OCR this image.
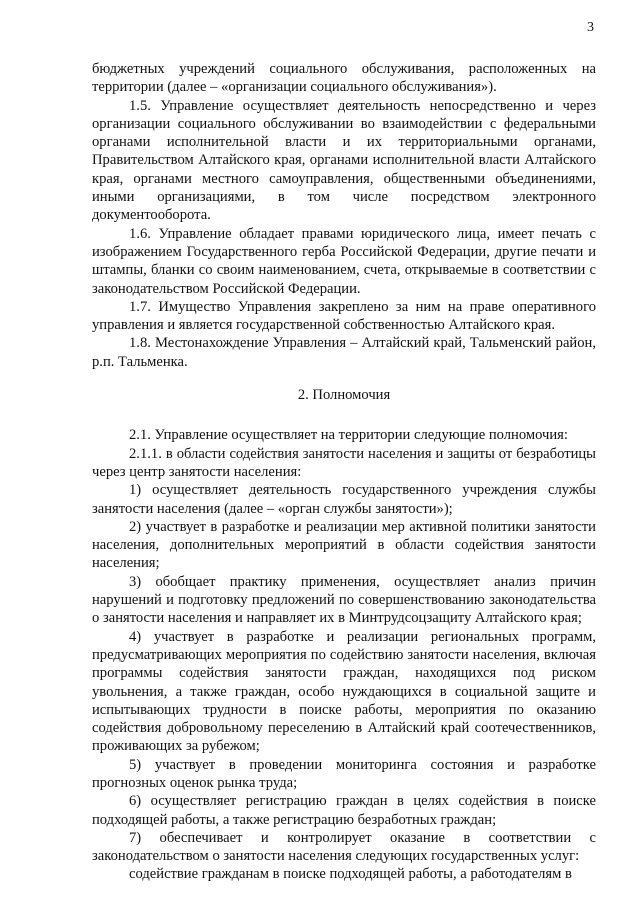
3

бюджетных учреждений социального обслуживания, расположенных на территории (далее – «организации социального обслуживания»).

1.5. Управление осуществляет деятельность непосредственно и через организации социального обслуживании во взаимодействии с федеральными органами исполнительной власти и их территориальными органами, Правительством Алтайского края, органами исполнительной власти Алтайского края, органами местного самоуправления, общественными объединениями, иными организациями, в том числе посредством электронного документооборота.

1.6. Управление обладает правами юридического лица, имеет печать с изображением Государственного герба Российской Федерации, другие печати и штампы, бланки со своим наименованием, счета, открываемые в соответствии с законодательством Российской Федерации.

1.7. Имущество Управления закреплено за ним на праве оперативного управления и является государственной собственностью Алтайского края.

1.8. Местонахождение Управления – Алтайский край, Тальменский район, р.п. Тальменка.

2. Полномочия

2.1. Управление осуществляет на территории следующие полномочия:

2.1.1. в области содействия занятости населения и защиты от безработицы через центр занятости населения:

1) осуществляет деятельность государственного учреждения службы занятости населения (далее – «орган службы занятости»);

2) участвует в разработке и реализации мер активной политики занятости населения, дополнительных мероприятий в области содействия занятости населения;

3) обобщает практику применения, осуществляет анализ причин нарушений и подготовку предложений по совершенствованию законодательства о занятости населения и направляет их в Минтрудсоцзащиту Алтайского края;

4) участвует в разработке и реализации региональных программ, предусматривающих мероприятия по содействию занятости населения, включая программы содействия занятости граждан, находящихся под риском увольнения, а также граждан, особо нуждающихся в социальной защите и испытывающих трудности в поиске работы, мероприятия по оказанию содействия добровольному переселению в Алтайский край соотечественников, проживающих за рубежом;

5) участвует в проведении мониторинга состояния и разработке прогнозных оценок рынка труда;

6) осуществляет регистрацию граждан в целях содействия в поиске подходящей работы, а также регистрацию безработных граждан;

7) обеспечивает и контролирует оказание в соответствии с законодательством о занятости населения следующих государственных услуг:

содействие гражданам в поиске подходящей работы, а работодателям в
